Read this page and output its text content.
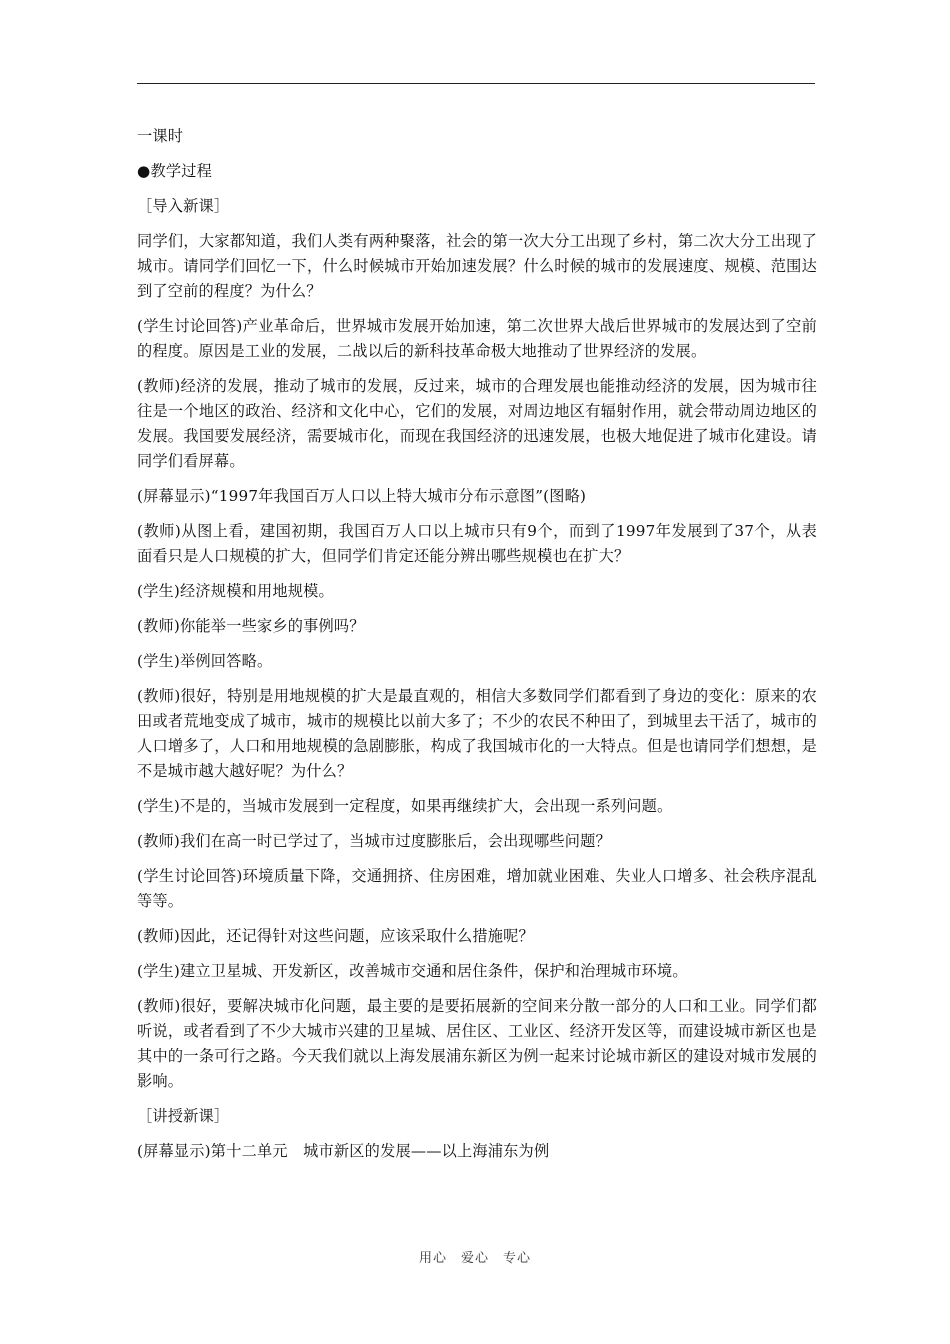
一课时

●教学过程

［导入新课］

同学们，大家都知道，我们人类有两种聚落，社会的第一次大分工出现了乡村，第二次大分工出现了城市。请同学们回忆一下，什么时候城市开始加速发展？什么时候的城市的发展速度、规模、范围达到了空前的程度？为什么？

(学生讨论回答)产业革命后，世界城市发展开始加速，第二次世界大战后世界城市的发展达到了空前的程度。原因是工业的发展，二战以后的新科技革命极大地推动了世界经济的发展。

(教师)经济的发展，推动了城市的发展，反过来，城市的合理发展也能推动经济的发展，因为城市往往是一个地区的政治、经济和文化中心，它们的发展，对周边地区有辐射作用，就会带动周边地区的发展。我国要发展经济，需要城市化，而现在我国经济的迅速发展，也极大地促进了城市化建设。请同学们看屏幕。

(屏幕显示)“1997年我国百万人口以上特大城市分布示意图”(图略)

(教师)从图上看，建国初期，我国百万人口以上城市只有9个，而到了1997年发展到了37个，从表面看只是人口规模的扩大，但同学们肯定还能分辨出哪些规模也在扩大？

(学生)经济规模和用地规模。

(教师)你能举一些家乡的事例吗？

(学生)举例回答略。

(教师)很好，特别是用地规模的扩大是最直观的，相信大多数同学们都看到了身边的变化：原来的农田或者荒地变成了城市，城市的规模比以前大多了；不少的农民不种田了，到城里去干活了，城市的人口增多了，人口和用地规模的急剧膨胀，构成了我国城市化的一大特点。但是也请同学们想想，是不是城市越大越好呢？为什么？

(学生)不是的，当城市发展到一定程度，如果再继续扩大，会出现一系列问题。

(教师)我们在高一时已学过了，当城市过度膨胀后，会出现哪些问题？

(学生讨论回答)环境质量下降，交通拥挤、住房困难，增加就业困难、失业人口增多、社会秩序混乱等等。

(教师)因此，还记得针对这些问题，应该采取什么措施呢？

(学生)建立卫星城、开发新区，改善城市交通和居住条件，保护和治理城市环境。

(教师)很好，要解决城市化问题，最主要的是要拓展新的空间来分散一部分的人口和工业。同学们都听说，或者看到了不少大城市兴建的卫星城、居住区、工业区、经济开发区等，而建设城市新区也是其中的一条可行之路。今天我们就以上海发展浦东新区为例一起来讨论城市新区的建设对城市发展的影响。

［讲授新课］

(屏幕显示)第十二单元　城市新区的发展——以上海浦东为例

用心　爱心　专心
